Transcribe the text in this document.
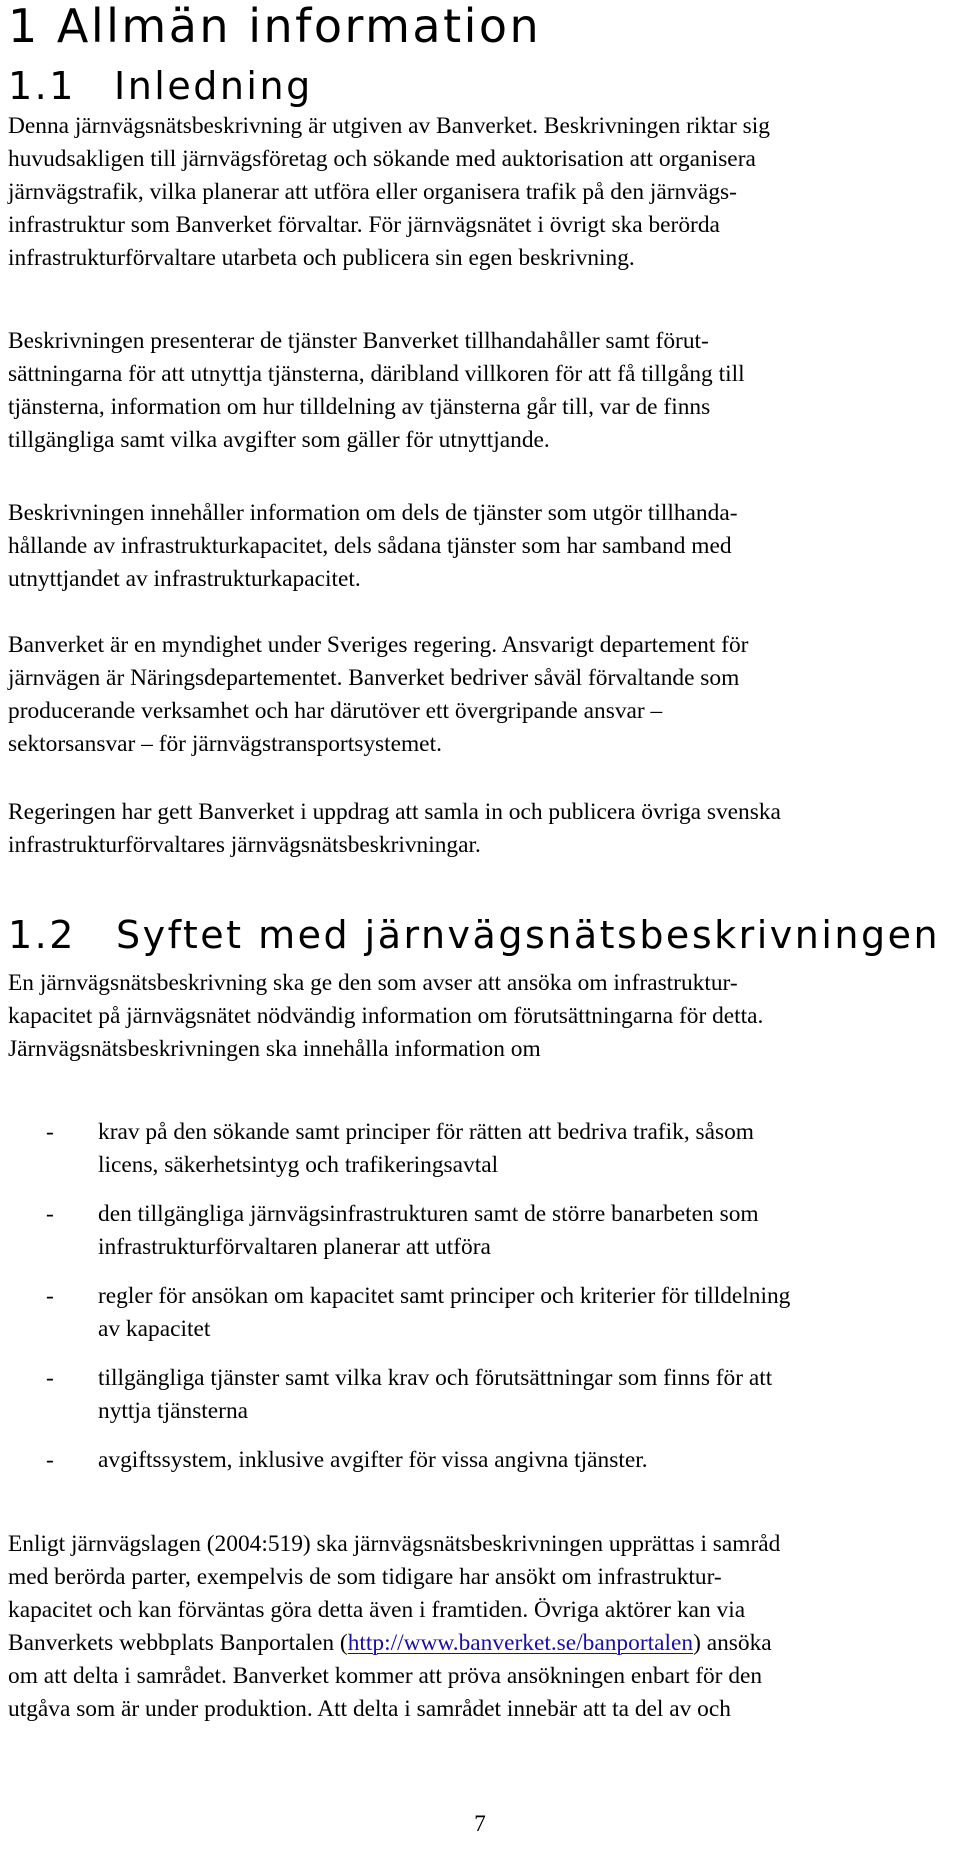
1 Allmän information
1.1 Inledning

Denna järnvägsnätsbeskrivning är utgiven av Banverket. Beskrivningen riktar sig
huvudsakligen till järnvägsföretag och sökande med auktorisation att organisera
järnvägstrafik, vilka planerar att utföra eller organisera trafik på den järnvägs-
infrastruktur som Banverket förvaltar. För järnvägsnätet i övrigt ska berörda
infrastrukturförvaltare utarbeta och publicera sin egen beskrivning.

Beskrivningen presenterar de tjänster Banverket tillhandahåller samt förut-
sättningarna för att utnyttja tjänsterna, däribland villkoren för att få tillgång till
tjänsterna, information om hur tilldelning av tjänsterna går till, var de finns
tillgängliga samt vilka avgifter som gäller för utnyttjande.

Beskrivningen innehåller information om dels de tjänster som utgör tillhanda-
hållande av infrastrukturkapacitet, dels sådana tjänster som har samband med
utnyttjandet av infrastrukturkapacitet.

Banverket är en myndighet under Sveriges regering. Ansvarigt departement för
järnvägen är Näringsdepartementet. Banverket bedriver såväl förvaltande som
producerande verksamhet och har därutöver ett övergripande ansvar –
sektorsansvar – för järnvägstransportsystemet.

Regeringen har gett Banverket i uppdrag att samla in och publicera övriga svenska
infrastrukturförvaltares järnvägsnätsbeskrivningar.

1.2 Syftet med järnvägsnätsbeskrivningen

En järnvägsnätsbeskrivning ska ge den som avser att ansöka om infrastruktur-
kapacitet på järnvägsnätet nödvändig information om förutsättningarna för detta.
Järnvägsnätsbeskrivningen ska innehålla information om

- krav på den sökande samt principer för rätten att bedriva trafik, såsom
licens, säkerhetsintyg och trafikeringsavtal
- den tillgängliga järnvägsinfrastrukturen samt de större banarbeten som
infrastrukturförvaltaren planerar att utföra
- regler för ansökan om kapacitet samt principer och kriterier för tilldelning
av kapacitet
- tillgängliga tjänster samt vilka krav och förutsättningar som finns för att
nyttja tjänsterna
- avgiftssystem, inklusive avgifter för vissa angivna tjänster.

Enligt järnvägslagen (2004:519) ska järnvägsnätsbeskrivningen upprättas i samråd
med berörda parter, exempelvis de som tidigare har ansökt om infrastruktur-
kapacitet och kan förväntas göra detta även i framtiden. Övriga aktörer kan via
Banverkets webbplats Banportalen (http://www.banverket.se/banportalen) ansöka
om att delta i samrådet. Banverket kommer att pröva ansökningen enbart för den
utgåva som är under produktion. Att delta i samrådet innebär att ta del av och

7
